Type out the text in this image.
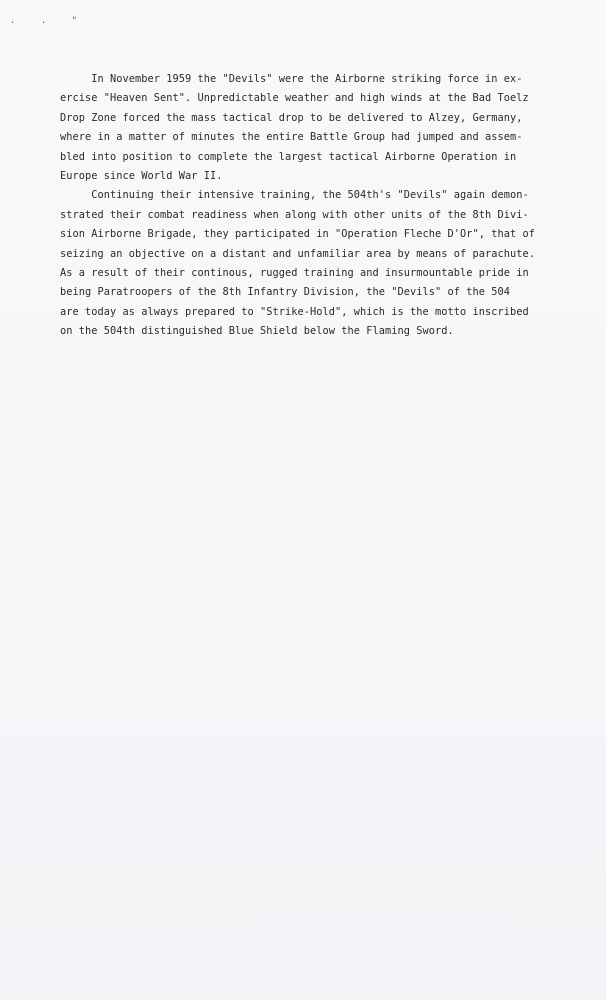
. . "

In November 1959 the "Devils" were the Airborne striking force in ex-
ercise "Heaven Sent". Unpredictable weather and high winds at the Bad Toelz
Drop Zone forced the mass tactical drop to be delivered to Alzey, Germany,
where in a matter of minutes the entire Battle Group had jumped and assem-
bled into position to complete the largest tactical Airborne Operation in
Europe since World War II.

Continuing their intensive training, the 504th's "Devils" again demon-
strated their combat readiness when along with other units of the 8th Divi-
sion Airborne Brigade, they participated in "Operation Fleche D'Or", that of
seizing an objective on a distant and unfamiliar area by means of parachute.
As a result of their continous, rugged training and insurmountable pride in
being Paratroopers of the 8th Infantry Division, the "Devils" of the 504
are today as always prepared to "Strike-Hold", which is the motto inscribed
on the 504th distinguished Blue Shield below the Flaming Sword.
